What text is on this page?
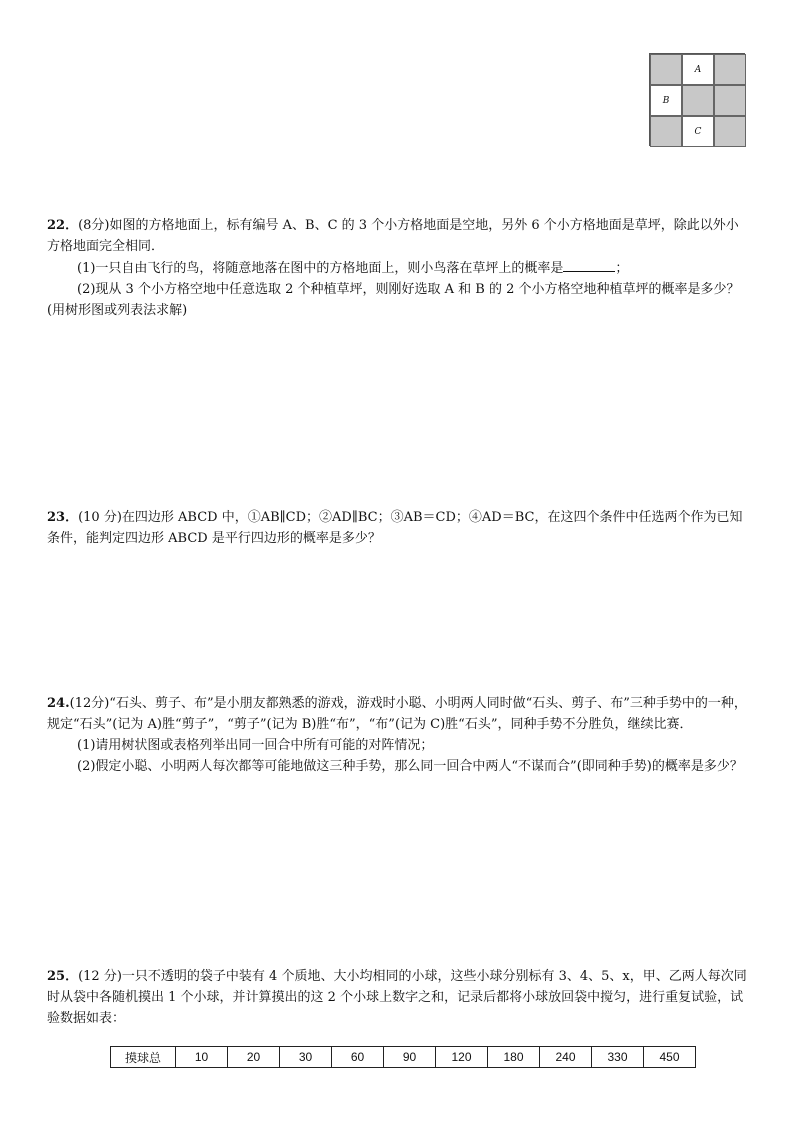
A
B
C

22．(8分)如图的方格地面上，标有编号 A、B、C 的 3 个小方格地面是空地，另外 6 个小方格地面是草坪，除此以外小方格地面完全相同．

(1)一只自由飞行的鸟，将随意地落在图中的方格地面上，则小鸟落在草坪上的概率是	；

(2)现从 3 个小方格空地中任意选取 2 个种植草坪，则刚好选取 A 和 B 的 2 个小方格空地种植草坪的概率是多少？(用树形图或列表法求解)

23．(10 分)在四边形 ABCD 中，①AB∥CD；②AD∥BC；③AB＝CD；④AD＝BC，在这四个条件中任选两个作为已知条件，能判定四边形 ABCD 是平行四边形的概率是多少？

24.(12分)“石头、剪子、布”是小朋友都熟悉的游戏，游戏时小聪、小明两人同时做“石头、剪子、布”三种手势中的一种，规定“石头”(记为 A)胜“剪子”，“剪子”(记为 B)胜“布”，“布”(记为 C)胜“石头”，同种手势不分胜负，继续比赛．

(1)请用树状图或表格列举出同一回合中所有可能的对阵情况；

(2)假定小聪、小明两人每次都等可能地做这三种手势，那么同一回合中两人“不谋而合”(即同种手势)的概率是多少？

25．(12 分)一只不透明的袋子中装有 4 个质地、大小均相同的小球，这些小球分别标有 3、4、5、x，甲、乙两人每次同时从袋中各随机摸出 1 个小球，并计算摸出的这 2 个小球上数字之和，记录后都将小球放回袋中搅匀，进行重复试验，试验数据如表：

摸球总	10	20	30	60	90	120	180	240	330	450
